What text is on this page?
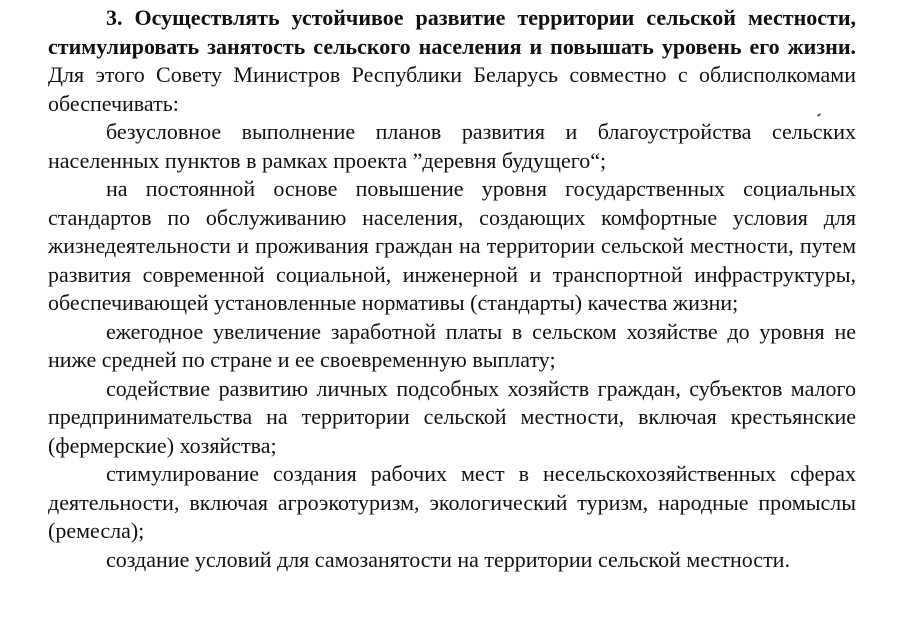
3. Осуществлять устойчивое развитие территории сельской местности, стимулировать занятость сельского населения и повышать уровень его жизни. Для этого Совету Министров Республики Беларусь совместно с облисполкомами обеспечивать:

безусловное выполнение планов развития и благоустройства сельских населенных пунктов в рамках проекта ”деревня будущего“;

на постоянной основе повышение уровня государственных социальных стандартов по обслуживанию населения, создающих комфортные условия для жизнедеятельности и проживания граждан на территории сельской местности, путем развития современной социальной, инженерной и транспортной инфраструктуры, обеспечивающей установленные нормативы (стандарты) качества жизни;

ежегодное увеличение заработной платы в сельском хозяйстве до уровня не ниже средней по стране и ее своевременную выплату;

содействие развитию личных подсобных хозяйств граждан, субъектов малого предпринимательства на территории сельской местности, включая крестьянские (фермерские) хозяйства;

стимулирование создания рабочих мест в несельскохозяйственных сферах деятельности, включая агроэкотуризм, экологический туризм, народные промыслы (ремесла);

создание условий для самозанятости на территории сельской местности.
